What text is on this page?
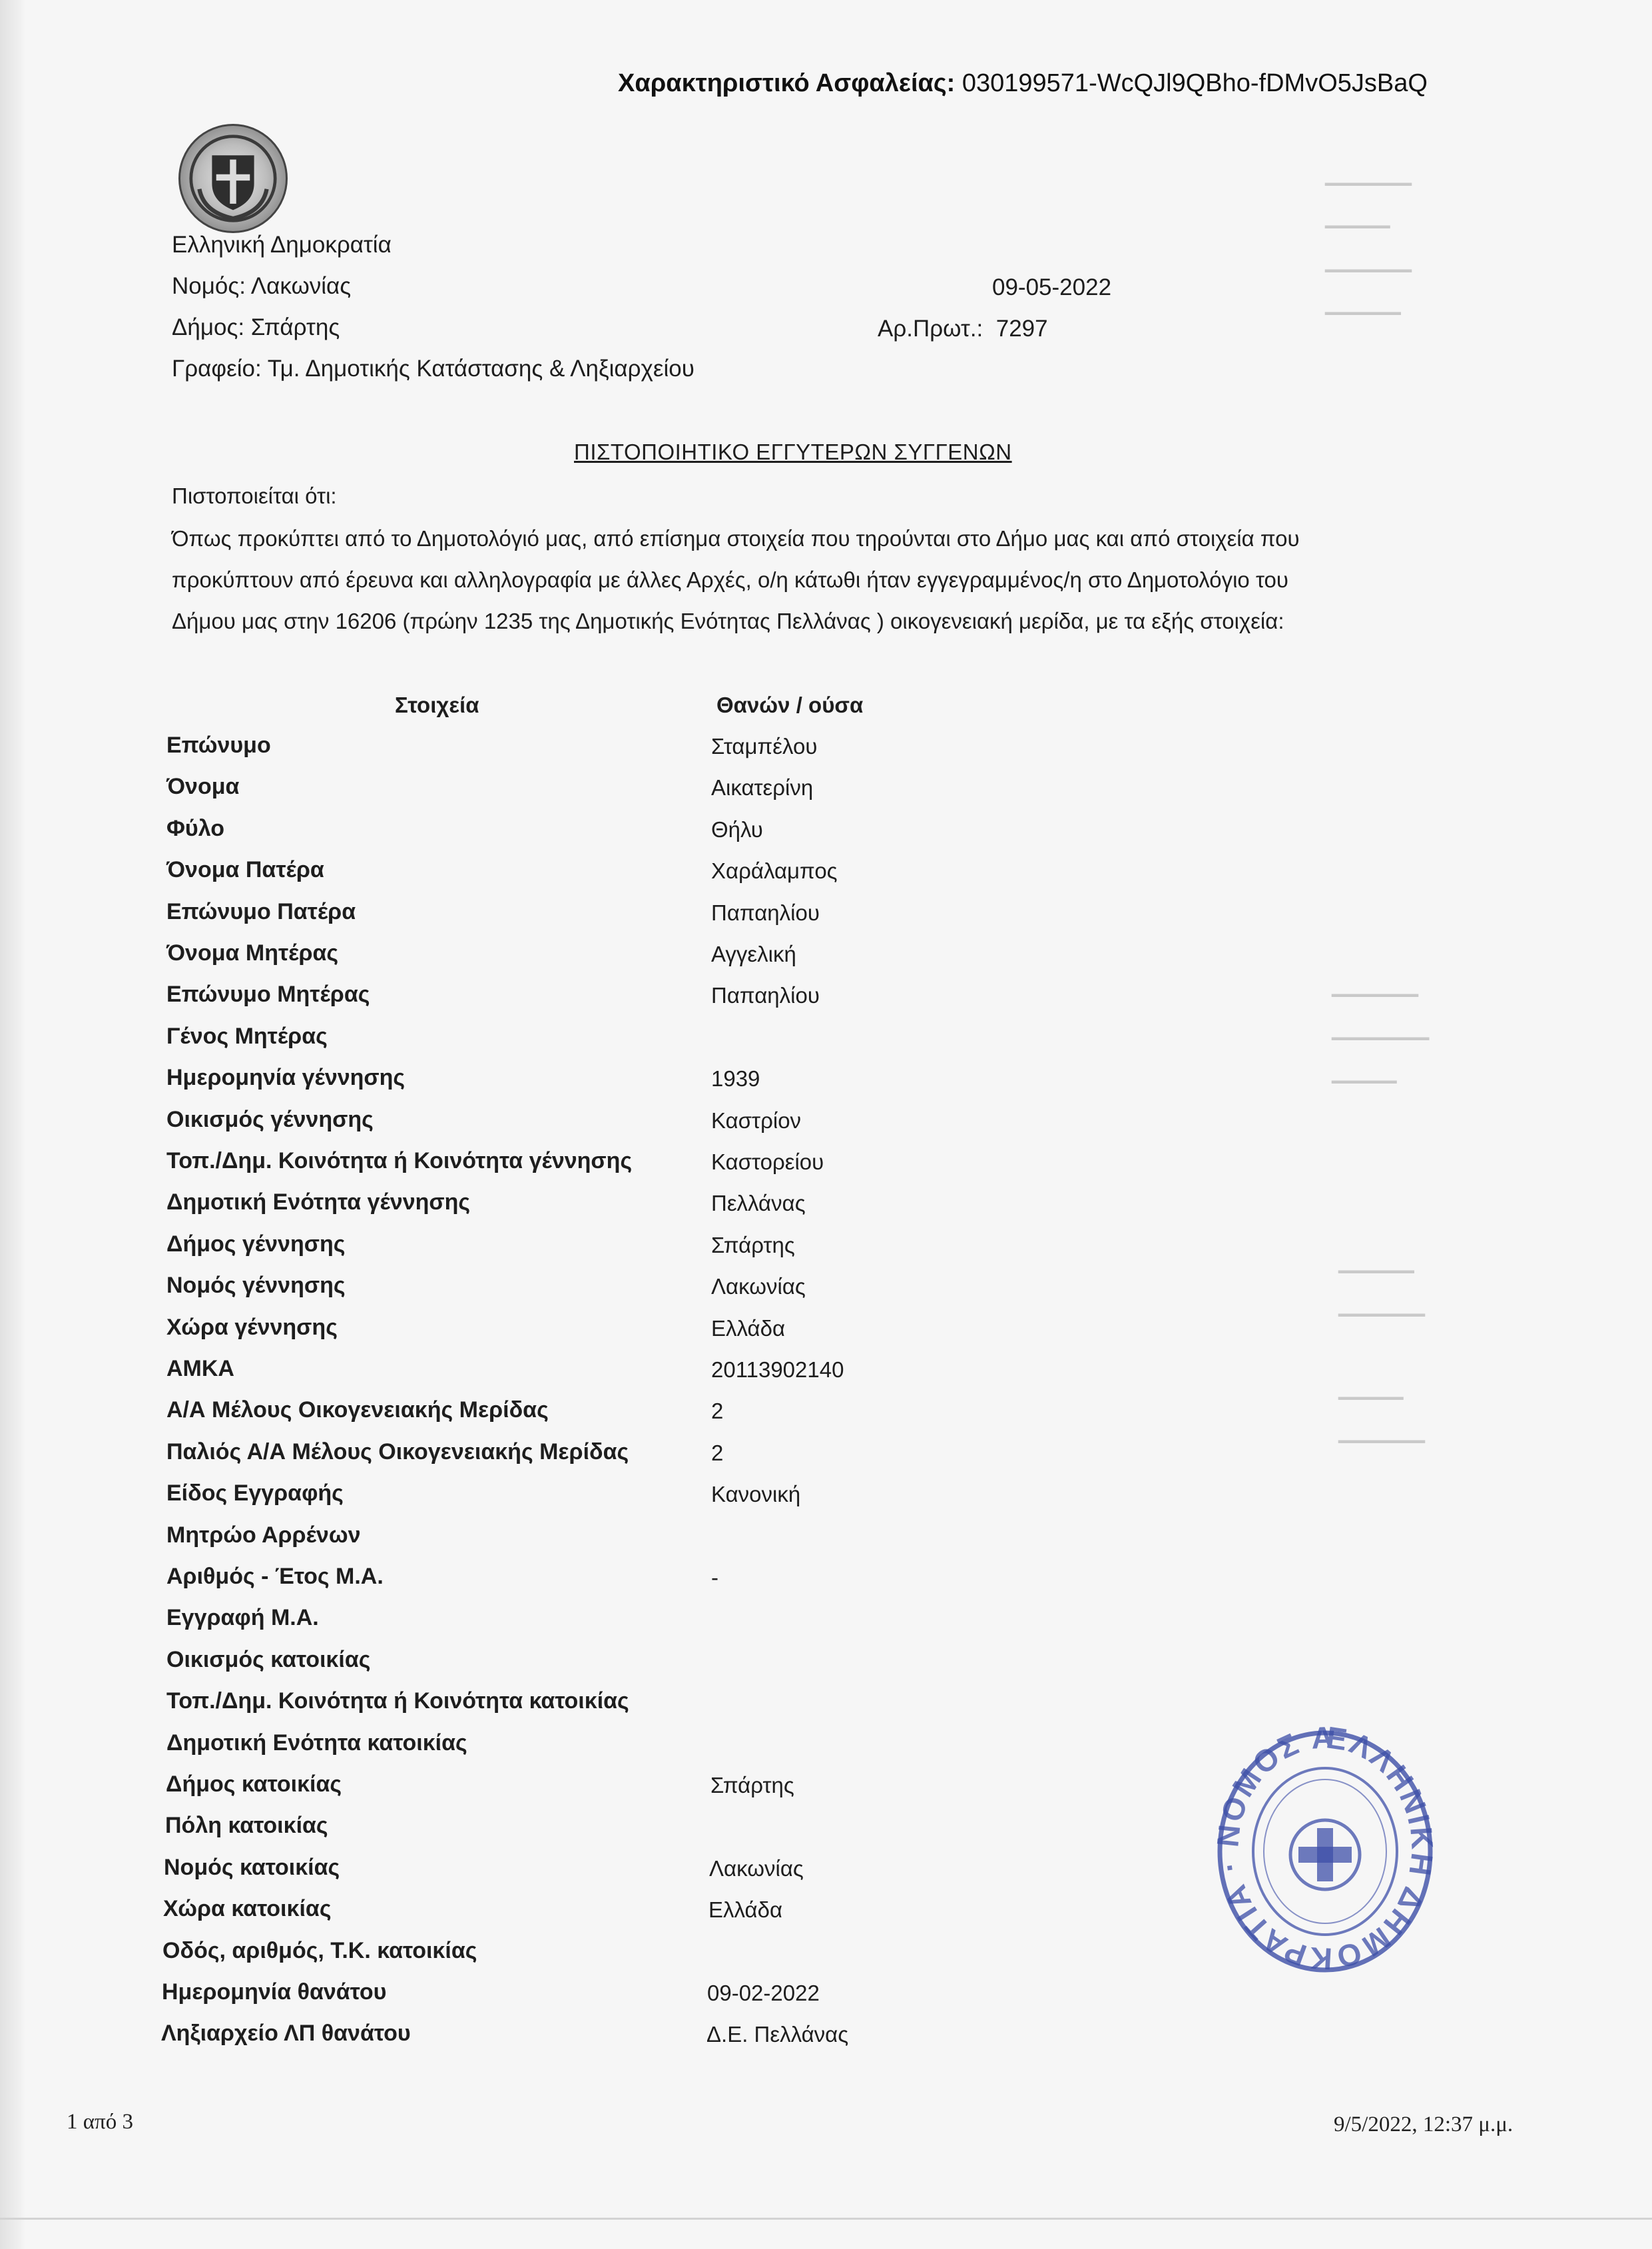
━━━━━━━━
━━━━━━
━━━━━━━━
━━━━━━━
━━━━━━━━
━━━━━━━━━
━━━━━━
━━━━━━━
━━━━━━━━
━━━━━━
━━━━━━━━
Χαρακτηριστικό Ασφαλείας: 030199571-WcQJl9QBho-fDMvO5JsBaQ
Ελληνική Δημοκρατία
Νομός: Λακωνίας
Δήμος: Σπάρτης
Γραφείο: Τμ. Δημοτικής Κατάστασης & Ληξιαρχείου
09-05-2022
Αρ.Πρωτ.: 7297
ΠΙΣΤΟΠΟΙΗΤΙΚΟ ΕΓΓΥΤΕΡΩΝ ΣΥΓΓΕΝΩΝ
Πιστοποιείται ότι:
Όπως προκύπτει από το Δημοτολόγιό μας, από επίσημα στοιχεία που τηρούνται στο Δήμο μας και από στοιχεία που
προκύπτουν από έρευνα και αλληλογραφία με άλλες Αρχές, ο/η κάτωθι ήταν εγγεγραμμένος/η στο Δημοτολόγιο του
Δήμου μας στην 16206 (πρώην 1235 της Δημοτικής Ενότητας Πελλάνας ) οικογενειακή μερίδα, με τα εξής στοιχεία:
Στοιχεία	Θανών / ούσα
Επώνυμο	Σταμπέλου
Όνομα	Αικατερίνη
Φύλο	Θήλυ
Όνομα Πατέρα	Χαράλαμπος
Επώνυμο Πατέρα	Παπαηλίου
Όνομα Μητέρας	Αγγελική
Επώνυμο Μητέρας	Παπαηλίου
Γένος Μητέρας
Ημερομηνία γέννησης	1939
Οικισμός γέννησης	Καστρίον
Τοπ./Δημ. Κοινότητα ή Κοινότητα γέννησης	Καστορείου
Δημοτική Ενότητα γέννησης	Πελλάνας
Δήμος γέννησης	Σπάρτης
Νομός γέννησης	Λακωνίας
Χώρα γέννησης	Ελλάδα
ΑΜΚΑ	20113902140
Α/Α Μέλους Οικογενειακής Μερίδας	2
Παλιός Α/Α Μέλους Οικογενειακής Μερίδας	2
Είδος Εγγραφής	Κανονική
Μητρώο Αρρένων
Αριθμός - Έτος Μ.Α.	-
Εγγραφή Μ.Α.
Οικισμός κατοικίας
Τοπ./Δημ. Κοινότητα ή Κοινότητα κατοικίας
Δημοτική Ενότητα κατοικίας
Δήμος κατοικίας	Σπάρτης
Πόλη κατοικίας
Νομός κατοικίας	Λακωνίας
Χώρα κατοικίας	Ελλάδα
Οδός, αριθμός, Τ.Κ. κατοικίας
Ημερομηνία θανάτου	09-02-2022
Ληξιαρχείο ΛΠ θανάτου	Δ.Ε. Πελλάνας
ΕΛΛΗΝΙΚΗ ΔΗΜΟΚΡΑΤΙΑ · ΝΟΜΟΣ Α
1 από 3	9/5/2022, 12:37 μ.μ.
